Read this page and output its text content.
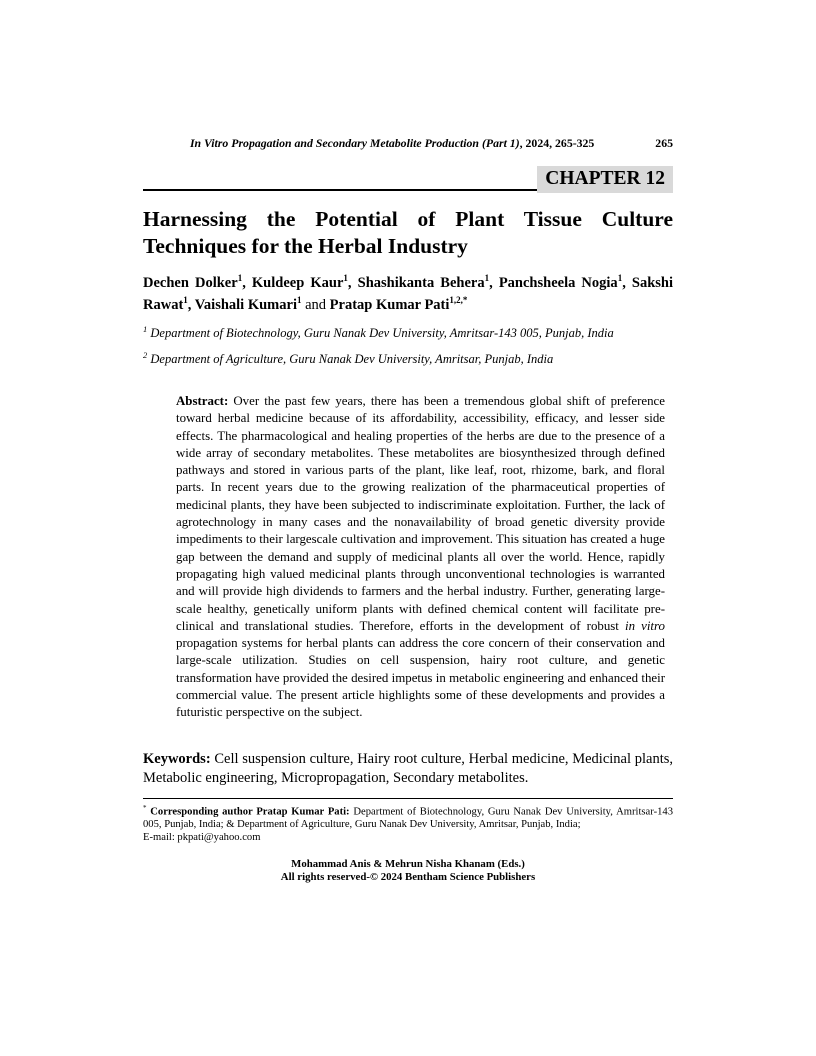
In Vitro Propagation and Secondary Metabolite Production (Part 1), 2024, 265-325	265
CHAPTER 12
Harnessing the Potential of Plant Tissue Culture
Techniques for the Herbal Industry
Dechen Dolker$^1$, Kuldeep Kaur$^1$, Shashikanta Behera$^1$, Panchsheela Nogia$^1$, Sakshi Rawat$^1$, Vaishali Kumari$^1$ and Pratap Kumar Pati$^{1,2,*}$
$^1$ Department of Biotechnology, Guru Nanak Dev University, Amritsar-143 005, Punjab, India
$^2$ Department of Agriculture, Guru Nanak Dev University, Amritsar, Punjab, India
Abstract: Over the past few years, there has been a tremendous global shift of preference toward herbal medicine because of its affordability, accessibility, efficacy, and lesser side effects. The pharmacological and healing properties of the herbs are due to the presence of a wide array of secondary metabolites. These metabolites are biosynthesized through defined pathways and stored in various parts of the plant, like leaf, root, rhizome, bark, and floral parts. In recent years due to the growing realization of the pharmaceutical properties of medicinal plants, they have been subjected to indiscriminate exploitation. Further, the lack of agrotechnology in many cases and the nonavailability of broad genetic diversity provide impediments to their largescale cultivation and improvement. This situation has created a huge gap between the demand and supply of medicinal plants all over the world. Hence, rapidly propagating high valued medicinal plants through unconventional technologies is warranted and will provide high dividends to farmers and the herbal industry. Further, generating large-scale healthy, genetically uniform plants with defined chemical content will facilitate pre-clinical and translational studies. Therefore, efforts in the development of robust in vitro propagation systems for herbal plants can address the core concern of their conservation and large-scale utilization. Studies on cell suspension, hairy root culture, and genetic transformation have provided the desired impetus in metabolic engineering and enhanced their commercial value. The present article highlights some of these developments and provides a futuristic perspective on the subject.
Keywords: Cell suspension culture, Hairy root culture, Herbal medicine, Medicinal plants, Metabolic engineering, Micropropagation, Secondary metabolites.
* Corresponding author Pratap Kumar Pati: Department of Biotechnology, Guru Nanak Dev University, Amritsar-143 005, Punjab, India; & Department of Agriculture, Guru Nanak Dev University, Amritsar, Punjab, India;
E-mail: pkpati@yahoo.com
Mohammad Anis & Mehrun Nisha Khanam (Eds.)
All rights reserved-© 2024 Bentham Science Publishers
